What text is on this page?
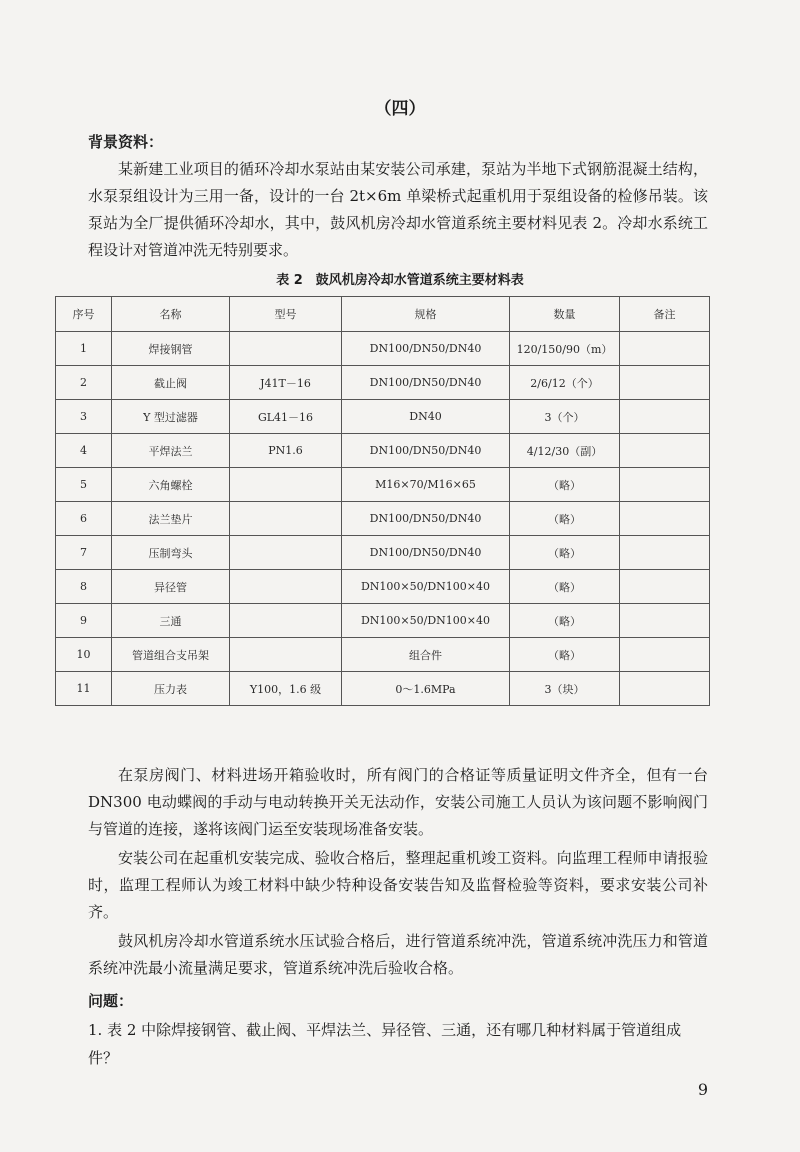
（四）
背景资料：

某新建工业项目的循环冷却水泵站由某安装公司承建，泵站为半地下式钢筋混凝土结构，水泵泵组设计为三用一备，设计的一台 2t×6m 单梁桥式起重机用于泵组设备的检修吊装。该泵站为全厂提供循环冷却水，其中，鼓风机房冷却水管道系统主要材料见表 2。冷却水系统工程设计对管道冲洗无特别要求。

表 2　鼓风机房冷却水管道系统主要材料表
序号	名称	型号	规格	数量	备注
1	焊接钢管		DN100/DN50/DN40	120/150/90（m）	
2	截止阀	J41T－16	DN100/DN50/DN40	2/6/12（个）	
3	Y 型过滤器	GL41－16	DN40	3（个）	
4	平焊法兰	PN1.6	DN100/DN50/DN40	4/12/30（副）	
5	六角螺栓		M16×70/M16×65	（略）	
6	法兰垫片		DN100/DN50/DN40	（略）	
7	压制弯头		DN100/DN50/DN40	（略）	
8	异径管		DN100×50/DN100×40	（略）	
9	三通		DN100×50/DN100×40	（略）	
10	管道组合支吊架		组合件	（略）	
11	压力表	Y100，1.6 级	0～1.6MPa	3（块）	

在泵房阀门、材料进场开箱验收时，所有阀门的合格证等质量证明文件齐全，但有一台 DN300 电动蝶阀的手动与电动转换开关无法动作，安装公司施工人员认为该问题不影响阀门与管道的连接，遂将该阀门运至安装现场准备安装。

安装公司在起重机安装完成、验收合格后，整理起重机竣工资料。向监理工程师申请报验时，监理工程师认为竣工材料中缺少特种设备安装告知及监督检验等资料，要求安装公司补齐。

鼓风机房冷却水管道系统水压试验合格后，进行管道系统冲洗，管道系统冲洗压力和管道系统冲洗最小流量满足要求，管道系统冲洗后验收合格。

问题：

1. 表 2 中除焊接钢管、截止阀、平焊法兰、异径管、三通，还有哪几种材料属于管道组成件？

9
